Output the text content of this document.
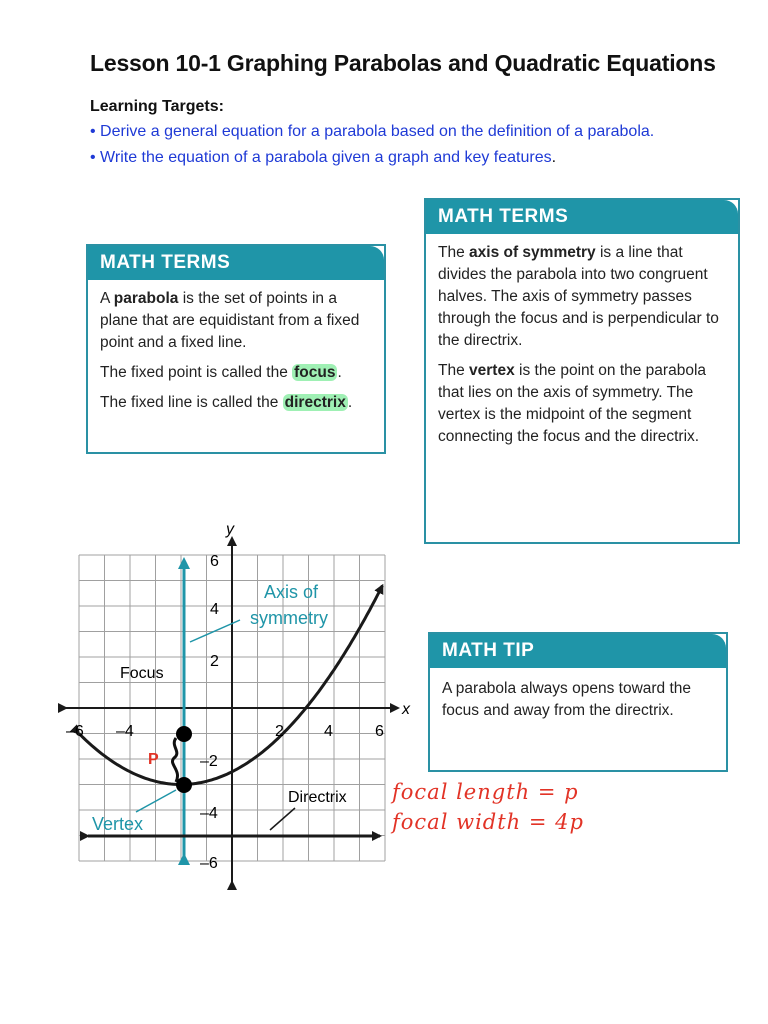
Lesson 10-1 Graphing Parabolas and Quadratic Equations
Learning Targets:
• Derive a general equation for a parabola based on the definition of a parabola.
• Write the equation of a parabola given a graph and key features.
MATH TERMS

A parabola is the set of points in a plane that are equidistant from a fixed point and a fixed line.

The fixed point is called the focus .

The fixed line is called the directrix .

MATH TERMS

The axis of symmetry is a line that divides the parabola into two congruent halves. The axis of symmetry passes through the focus and is perpendicular to the directrix.

The vertex is the point on the parabola that lies on the axis of symmetry. The vertex is the midpoint of the segment connecting the focus and the directrix.

MATH TIP
A parabola always opens toward the focus and away from the directrix.
x
y
–6 –4	2	4	6
6
4
2
–2
–4
–6
Axis of
symmetry
Focus
Vertex
Directrix
P
focal length = p
focal width = 4p
